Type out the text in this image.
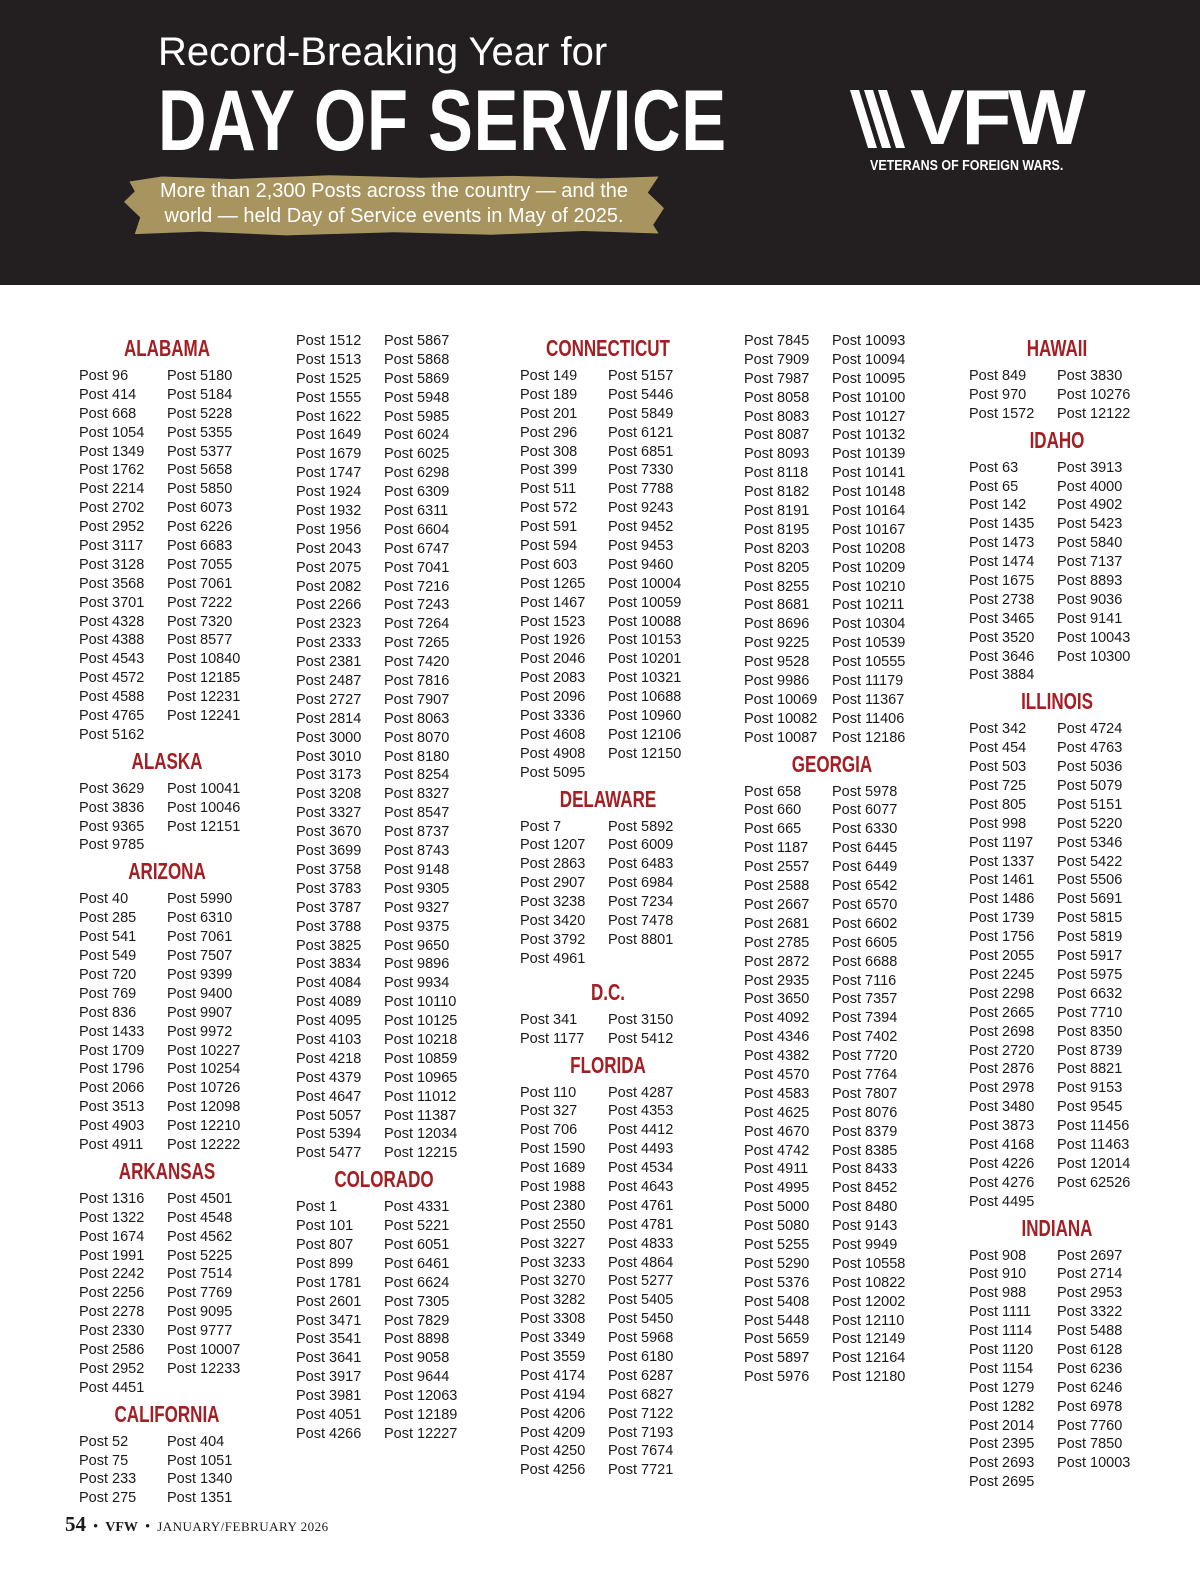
Record-Breaking Year for
DAY OF SERVICE
More than 2,300 Posts across the country — and the
world — held Day of Service events in May of 2025.
VFW
VETERANS OF FOREIGN WARS.
ALABAMA
Post 96	Post 5180
Post 414	Post 5184
Post 668	Post 5228
Post 1054	Post 5355
Post 1349	Post 5377
Post 1762	Post 5658
Post 2214	Post 5850
Post 2702	Post 6073
Post 2952	Post 6226
Post 3117	Post 6683
Post 3128	Post 7055
Post 3568	Post 7061
Post 3701	Post 7222
Post 4328	Post 7320
Post 4388	Post 8577
Post 4543	Post 10840
Post 4572	Post 12185
Post 4588	Post 12231
Post 4765	Post 12241
Post 5162
ALASKA
Post 3629	Post 10041
Post 3836	Post 10046
Post 9365	Post 12151
Post 9785
ARIZONA
Post 40	Post 5990
Post 285	Post 6310
Post 541	Post 7061
Post 549	Post 7507
Post 720	Post 9399
Post 769	Post 9400
Post 836	Post 9907
Post 1433	Post 9972
Post 1709	Post 10227
Post 1796	Post 10254
Post 2066	Post 10726
Post 3513	Post 12098
Post 4903	Post 12210
Post 4911	Post 12222
ARKANSAS
Post 1316	Post 4501
Post 1322	Post 4548
Post 1674	Post 4562
Post 1991	Post 5225
Post 2242	Post 7514
Post 2256	Post 7769
Post 2278	Post 9095
Post 2330	Post 9777
Post 2586	Post 10007
Post 2952	Post 12233
Post 4451
CALIFORNIA
Post 52	Post 404
Post 75	Post 1051
Post 233	Post 1340
Post 275	Post 1351
Post 1512	Post 5867
Post 1513	Post 5868
Post 1525	Post 5869
Post 1555	Post 5948
Post 1622	Post 5985
Post 1649	Post 6024
Post 1679	Post 6025
Post 1747	Post 6298
Post 1924	Post 6309
Post 1932	Post 6311
Post 1956	Post 6604
Post 2043	Post 6747
Post 2075	Post 7041
Post 2082	Post 7216
Post 2266	Post 7243
Post 2323	Post 7264
Post 2333	Post 7265
Post 2381	Post 7420
Post 2487	Post 7816
Post 2727	Post 7907
Post 2814	Post 8063
Post 3000	Post 8070
Post 3010	Post 8180
Post 3173	Post 8254
Post 3208	Post 8327
Post 3327	Post 8547
Post 3670	Post 8737
Post 3699	Post 8743
Post 3758	Post 9148
Post 3783	Post 9305
Post 3787	Post 9327
Post 3788	Post 9375
Post 3825	Post 9650
Post 3834	Post 9896
Post 4084	Post 9934
Post 4089	Post 10110
Post 4095	Post 10125
Post 4103	Post 10218
Post 4218	Post 10859
Post 4379	Post 10965
Post 4647	Post 11012
Post 5057	Post 11387
Post 5394	Post 12034
Post 5477	Post 12215
COLORADO
Post 1	Post 4331
Post 101	Post 5221
Post 807	Post 6051
Post 899	Post 6461
Post 1781	Post 6624
Post 2601	Post 7305
Post 3471	Post 7829
Post 3541	Post 8898
Post 3641	Post 9058
Post 3917	Post 9644
Post 3981	Post 12063
Post 4051	Post 12189
Post 4266	Post 12227
CONNECTICUT
Post 149	Post 5157
Post 189	Post 5446
Post 201	Post 5849
Post 296	Post 6121
Post 308	Post 6851
Post 399	Post 7330
Post 511	Post 7788
Post 572	Post 9243
Post 591	Post 9452
Post 594	Post 9453
Post 603	Post 9460
Post 1265	Post 10004
Post 1467	Post 10059
Post 1523	Post 10088
Post 1926	Post 10153
Post 2046	Post 10201
Post 2083	Post 10321
Post 2096	Post 10688
Post 3336	Post 10960
Post 4608	Post 12106
Post 4908	Post 12150
Post 5095
DELAWARE
Post 7	Post 5892
Post 1207	Post 6009
Post 2863	Post 6483
Post 2907	Post 6984
Post 3238	Post 7234
Post 3420	Post 7478
Post 3792	Post 8801
Post 4961
D.C.
Post 341	Post 3150
Post 1177	Post 5412
FLORIDA
Post 110	Post 4287
Post 327	Post 4353
Post 706	Post 4412
Post 1590	Post 4493
Post 1689	Post 4534
Post 1988	Post 4643
Post 2380	Post 4761
Post 2550	Post 4781
Post 3227	Post 4833
Post 3233	Post 4864
Post 3270	Post 5277
Post 3282	Post 5405
Post 3308	Post 5450
Post 3349	Post 5968
Post 3559	Post 6180
Post 4174	Post 6287
Post 4194	Post 6827
Post 4206	Post 7122
Post 4209	Post 7193
Post 4250	Post 7674
Post 4256	Post 7721
Post 7845	Post 10093
Post 7909	Post 10094
Post 7987	Post 10095
Post 8058	Post 10100
Post 8083	Post 10127
Post 8087	Post 10132
Post 8093	Post 10139
Post 8118	Post 10141
Post 8182	Post 10148
Post 8191	Post 10164
Post 8195	Post 10167
Post 8203	Post 10208
Post 8205	Post 10209
Post 8255	Post 10210
Post 8681	Post 10211
Post 8696	Post 10304
Post 9225	Post 10539
Post 9528	Post 10555
Post 9986	Post 11179
Post 10069	Post 11367
Post 10082	Post 11406
Post 10087	Post 12186
GEORGIA
Post 658	Post 5978
Post 660	Post 6077
Post 665	Post 6330
Post 1187	Post 6445
Post 2557	Post 6449
Post 2588	Post 6542
Post 2667	Post 6570
Post 2681	Post 6602
Post 2785	Post 6605
Post 2872	Post 6688
Post 2935	Post 7116
Post 3650	Post 7357
Post 4092	Post 7394
Post 4346	Post 7402
Post 4382	Post 7720
Post 4570	Post 7764
Post 4583	Post 7807
Post 4625	Post 8076
Post 4670	Post 8379
Post 4742	Post 8385
Post 4911	Post 8433
Post 4995	Post 8452
Post 5000	Post 8480
Post 5080	Post 9143
Post 5255	Post 9949
Post 5290	Post 10558
Post 5376	Post 10822
Post 5408	Post 12002
Post 5448	Post 12110
Post 5659	Post 12149
Post 5897	Post 12164
Post 5976	Post 12180
HAWAII
Post 849	Post 3830
Post 970	Post 10276
Post 1572	Post 12122
IDAHO
Post 63	Post 3913
Post 65	Post 4000
Post 142	Post 4902
Post 1435	Post 5423
Post 1473	Post 5840
Post 1474	Post 7137
Post 1675	Post 8893
Post 2738	Post 9036
Post 3465	Post 9141
Post 3520	Post 10043
Post 3646	Post 10300
Post 3884
ILLINOIS
Post 342	Post 4724
Post 454	Post 4763
Post 503	Post 5036
Post 725	Post 5079
Post 805	Post 5151
Post 998	Post 5220
Post 1197	Post 5346
Post 1337	Post 5422
Post 1461	Post 5506
Post 1486	Post 5691
Post 1739	Post 5815
Post 1756	Post 5819
Post 2055	Post 5917
Post 2245	Post 5975
Post 2298	Post 6632
Post 2665	Post 7710
Post 2698	Post 8350
Post 2720	Post 8739
Post 2876	Post 8821
Post 2978	Post 9153
Post 3480	Post 9545
Post 3873	Post 11456
Post 4168	Post 11463
Post 4226	Post 12014
Post 4276	Post 62526
Post 4495
INDIANA
Post 908	Post 2697
Post 910	Post 2714
Post 988	Post 2953
Post 1111	Post 3322
Post 1114	Post 5488
Post 1120	Post 6128
Post 1154	Post 6236
Post 1279	Post 6246
Post 1282	Post 6978
Post 2014	Post 7760
Post 2395	Post 7850
Post 2693	Post 10003
Post 2695
54 • VFW • JANUARY/FEBRUARY 2026
